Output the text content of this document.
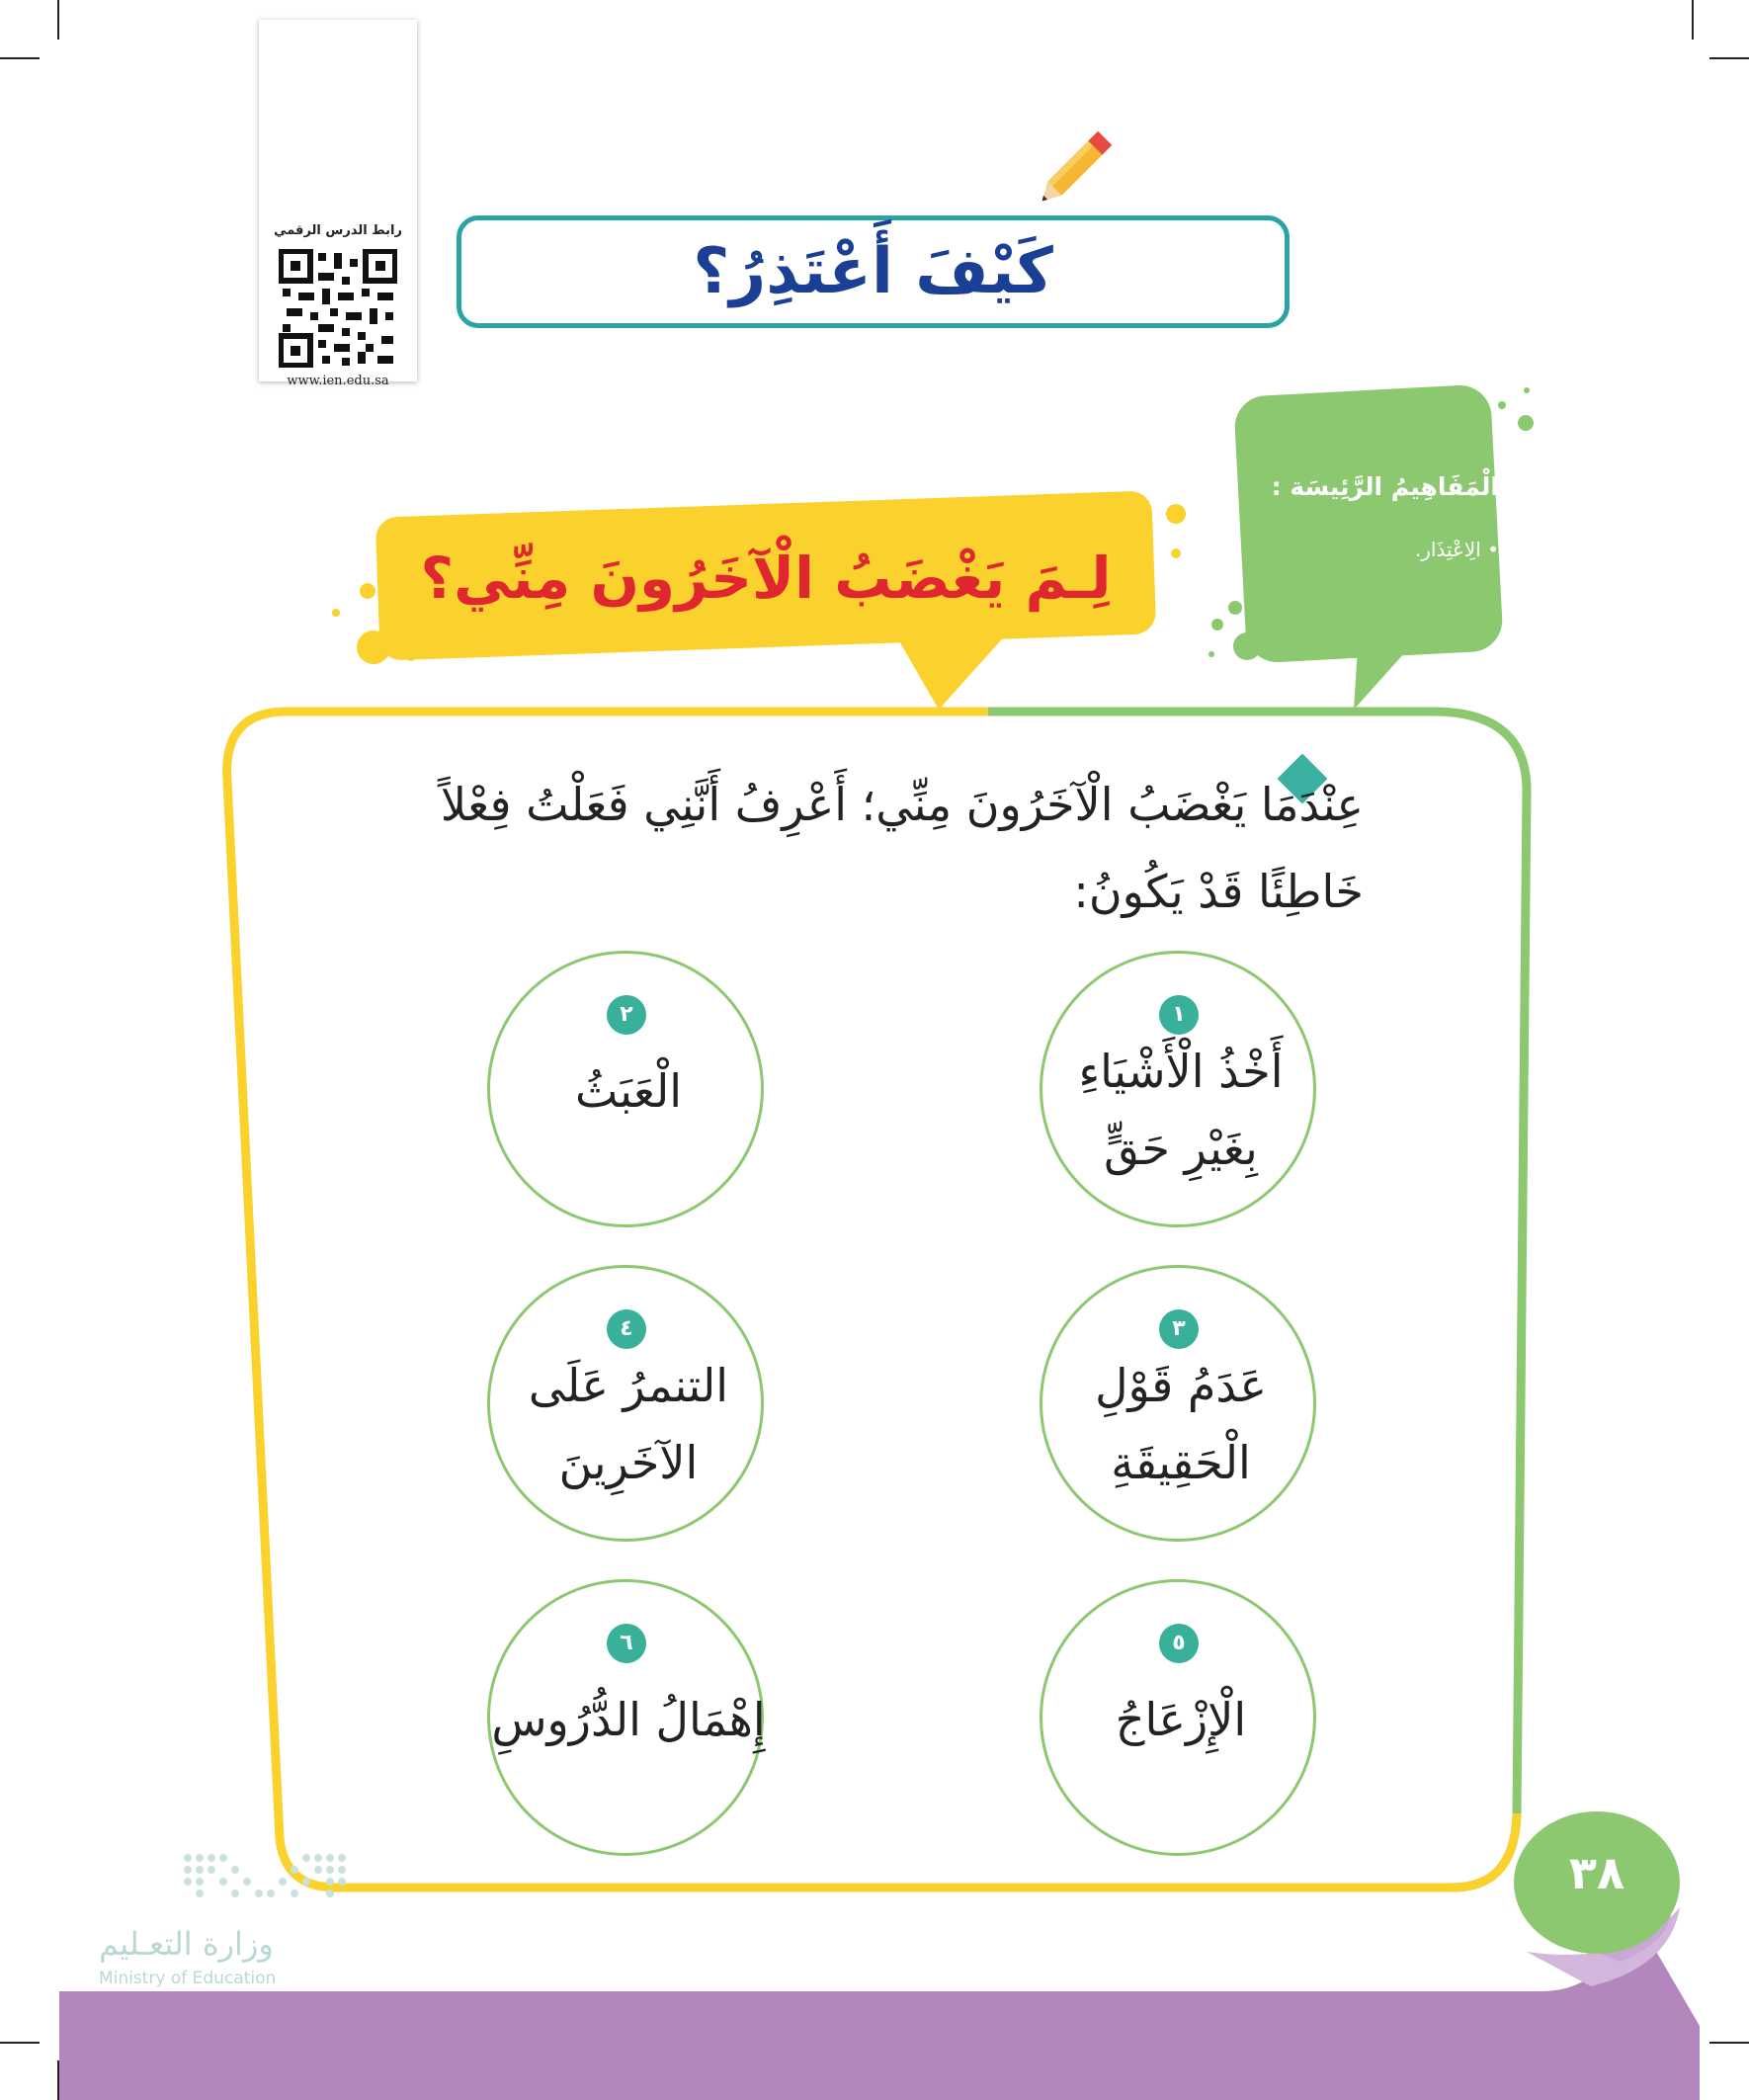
رابط الدرس الرقمي
www.ien.edu.sa
كَيْفَ أَعْتَذِرُ؟
الْمَفَاهِيمُ الرَّئِيسَة :
• الِاعْتِذَار.
لِـمَ يَغْضَبُ الْآخَرُونَ مِنِّي؟
عِنْدَمَا يَغْضَبُ الْآخَرُونَ مِنِّي؛ أَعْرِفُ أَنَّنِي فَعَلْتُ فِعْلاً خَاطِئًا قَدْ يَكُونُ:
١
أَخْذُ الْأَشْيَاءِ
بِغَيْرِ حَقٍّ
٢
الْعَبَثُ
٣
عَدَمُ قَوْلِ
الْحَقِيقَةِ
٤
التنمرُ عَلَى
الآخَرِينَ
٥
الْإِزْعَاجُ
٦
إِهْمَالُ الدُّرُوسِ
٣٨
وزارة التعـليم
Ministry of Education
